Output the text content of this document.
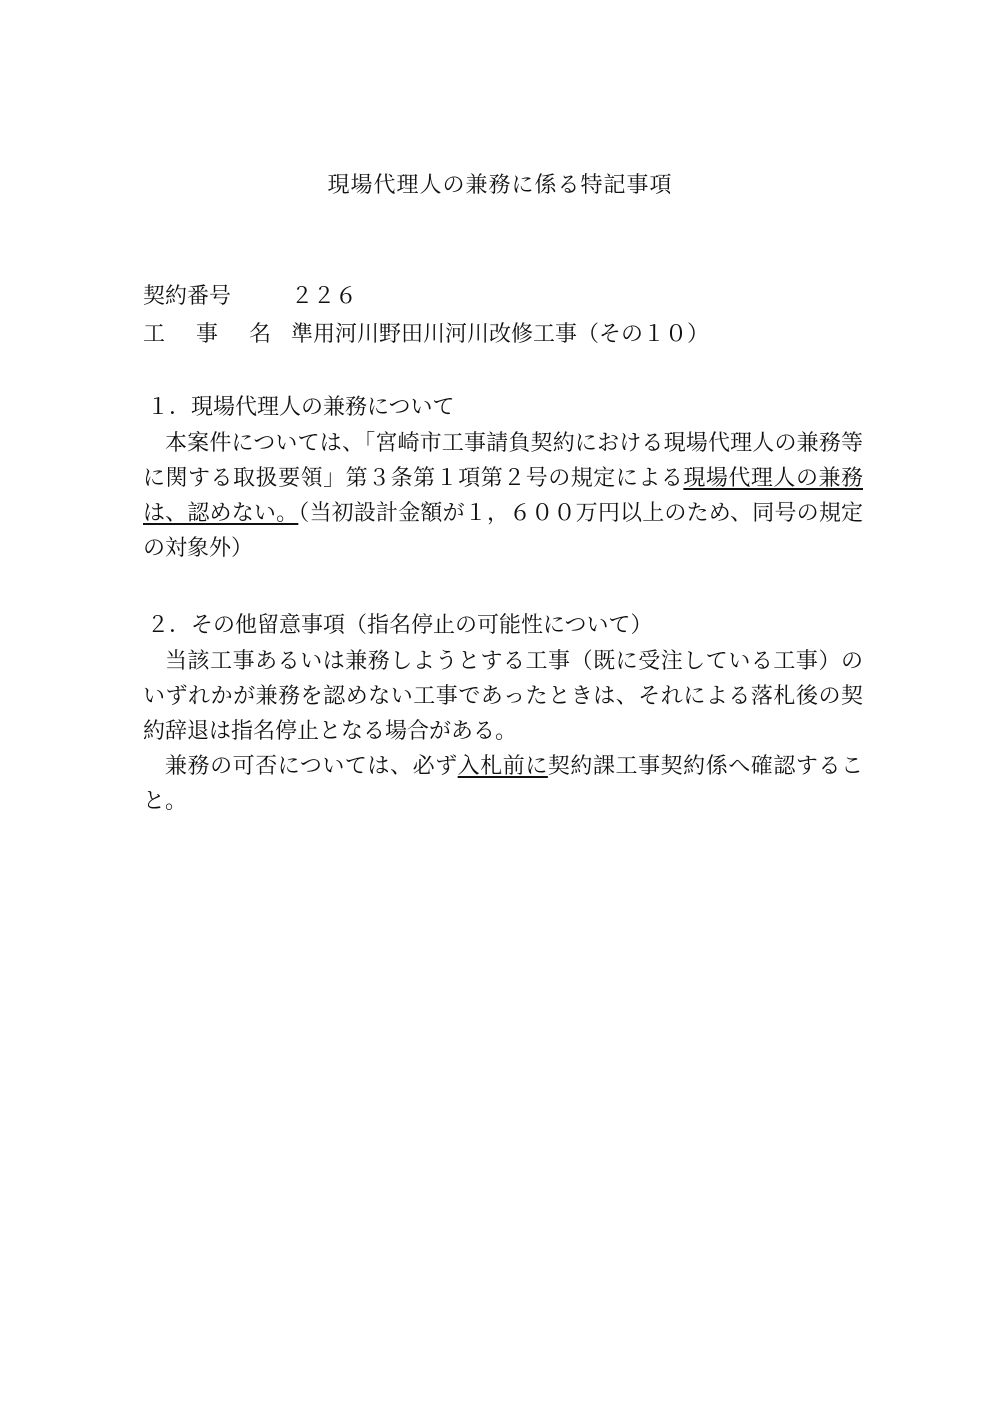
現場代理人の兼務に係る特記事項
契約番号	２２６
工 事 名 準用河川野田川河川改修工事（その１０）
１．現場代理人の兼務について

本案件については、「宮崎市工事請負契約における現場代理人の兼務等に関する取扱要領」第３条第１項第２号の規定による現場代理人の兼務は、認めない。（当初設計金額が１，６００万円以上のため、同号の規定の対象外）

２．その他留意事項（指名停止の可能性について）

当該工事あるいは兼務しようとする工事（既に受注している工事）のいずれかが兼務を認めない工事であったときは、それによる落札後の契約辞退は指名停止となる場合がある。

兼務の可否については、必ず入札前に契約課工事契約係へ確認すること。
